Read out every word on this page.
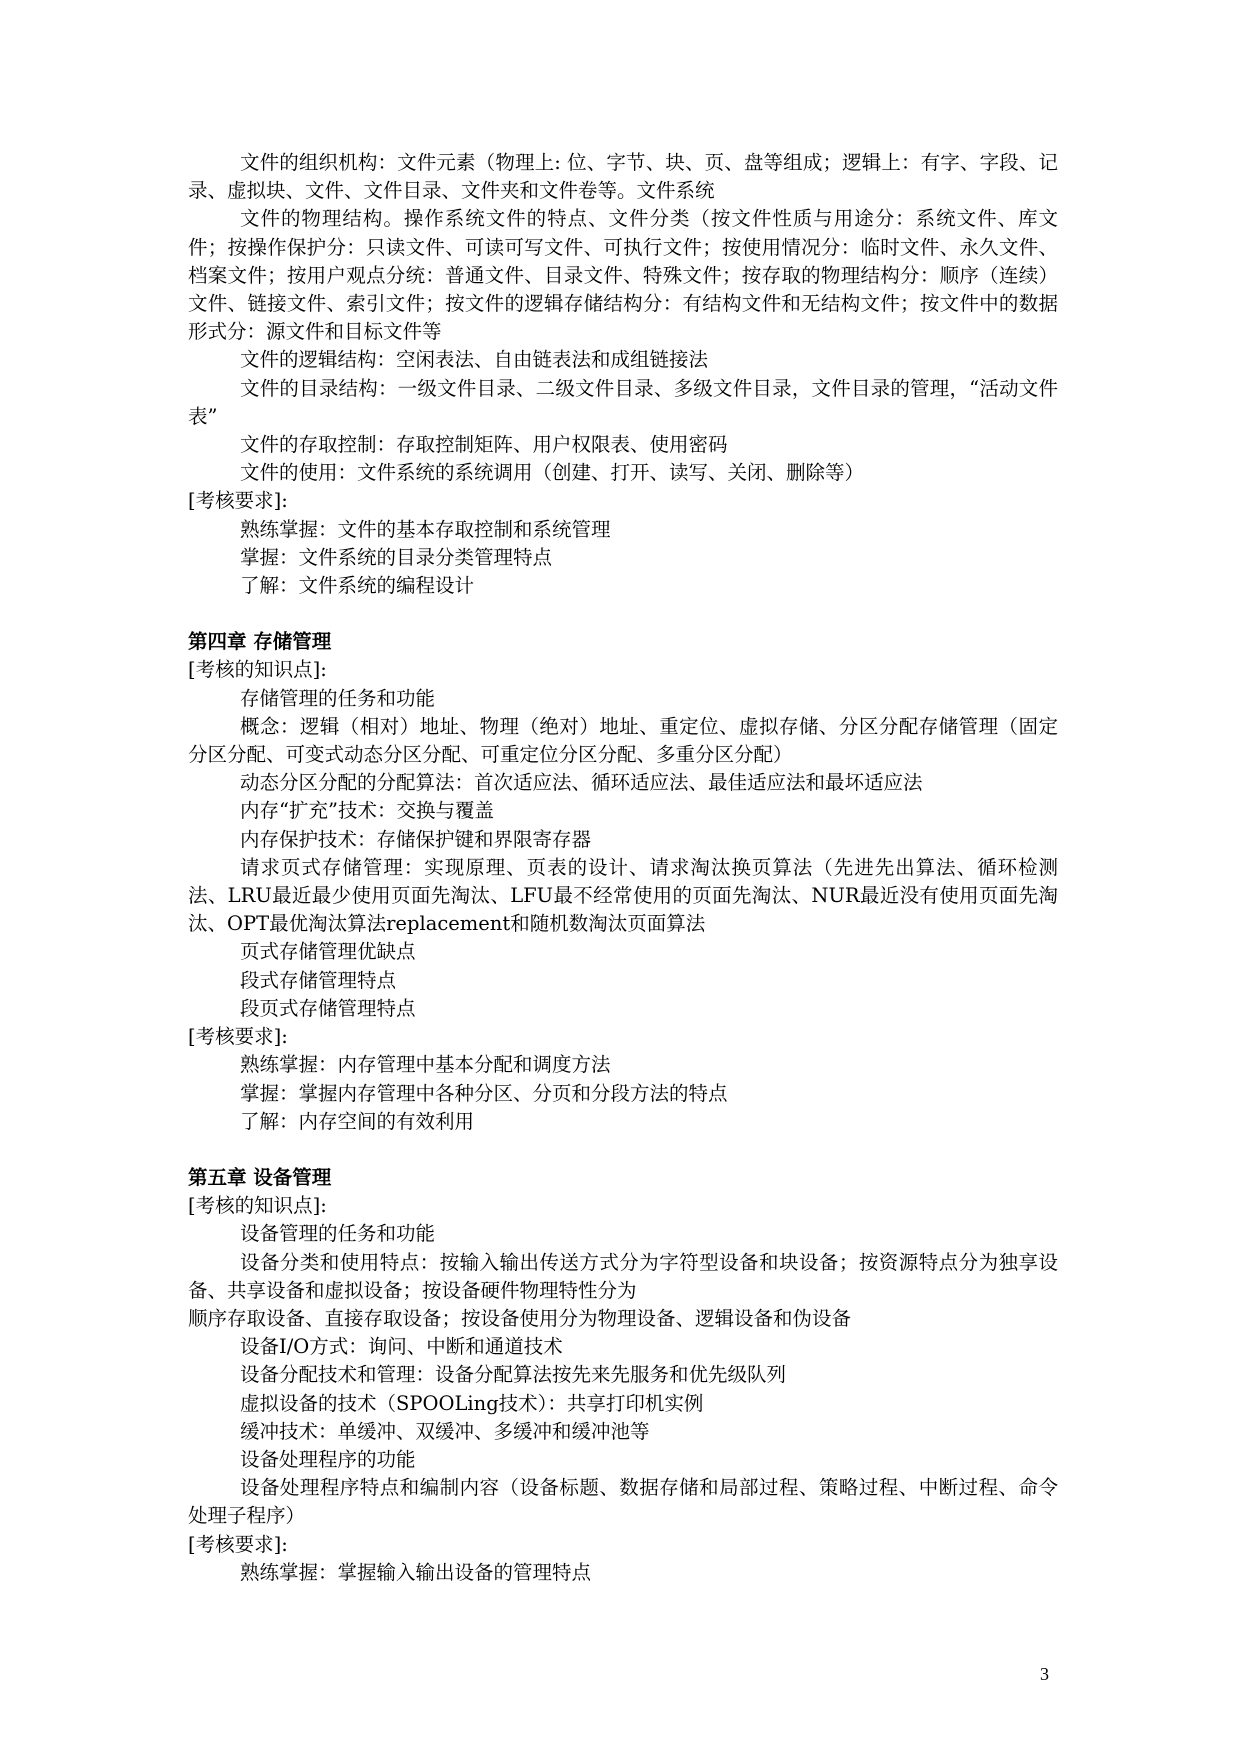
文件的组织机构：文件元素（物理上: 位、字节、块、页、盘等组成；逻辑上：有字、字段、记录、虚拟块、文件、文件目录、文件夹和文件卷等。文件系统

文件的物理结构。操作系统文件的特点、文件分类（按文件性质与用途分：系统文件、库文件；按操作保护分：只读文件、可读可写文件、可执行文件；按使用情况分：临时文件、永久文件、档案文件；按用户观点分统：普通文件、目录文件、特殊文件；按存取的物理结构分：顺序（连续）文件、链接文件、索引文件；按文件的逻辑存储结构分：有结构文件和无结构文件；按文件中的数据形式分：源文件和目标文件等

文件的逻辑结构：空闲表法、自由链表法和成组链接法

文件的目录结构：一级文件目录、二级文件目录、多级文件目录，文件目录的管理，“活动文件表”

文件的存取控制：存取控制矩阵、用户权限表、使用密码

文件的使用：文件系统的系统调用（创建、打开、读写、关闭、删除等）

[考核要求]:

熟练掌握：文件的基本存取控制和系统管理

掌握：文件系统的目录分类管理特点

了解：文件系统的编程设计

第四章 存储管理

[考核的知识点]:

存储管理的任务和功能

概念：逻辑（相对）地址、物理（绝对）地址、重定位、虚拟存储、分区分配存储管理（固定分区分配、可变式动态分区分配、可重定位分区分配、多重分区分配）

动态分区分配的分配算法：首次适应法、循环适应法、最佳适应法和最坏适应法

内存“扩充”技术：交换与覆盖

内存保护技术：存储保护键和界限寄存器

请求页式存储管理：实现原理、页表的设计、请求淘汰换页算法（先进先出算法、循环检测法、LRU最近最少使用页面先淘汰、LFU最不经常使用的页面先淘汰、NUR最近没有使用页面先淘汰、OPT最优淘汰算法replacement和随机数淘汰页面算法

页式存储管理优缺点

段式存储管理特点

段页式存储管理特点

[考核要求]:

熟练掌握：内存管理中基本分配和调度方法

掌握：掌握内存管理中各种分区、分页和分段方法的特点

了解：内存空间的有效利用

第五章 设备管理

[考核的知识点]:

设备管理的任务和功能

设备分类和使用特点：按输入输出传送方式分为字符型设备和块设备；按资源特点分为独享设备、共享设备和虚拟设备；按设备硬件物理特性分为

顺序存取设备、直接存取设备；按设备使用分为物理设备、逻辑设备和伪设备

设备I/O方式：询问、中断和通道技术

设备分配技术和管理：设备分配算法按先来先服务和优先级队列

虚拟设备的技术（SPOOLing技术）：共享打印机实例

缓冲技术：单缓冲、双缓冲、多缓冲和缓冲池等

设备处理程序的功能

设备处理程序特点和编制内容（设备标题、数据存储和局部过程、策略过程、中断过程、命令处理子程序）

[考核要求]:

熟练掌握：掌握输入输出设备的管理特点

3
